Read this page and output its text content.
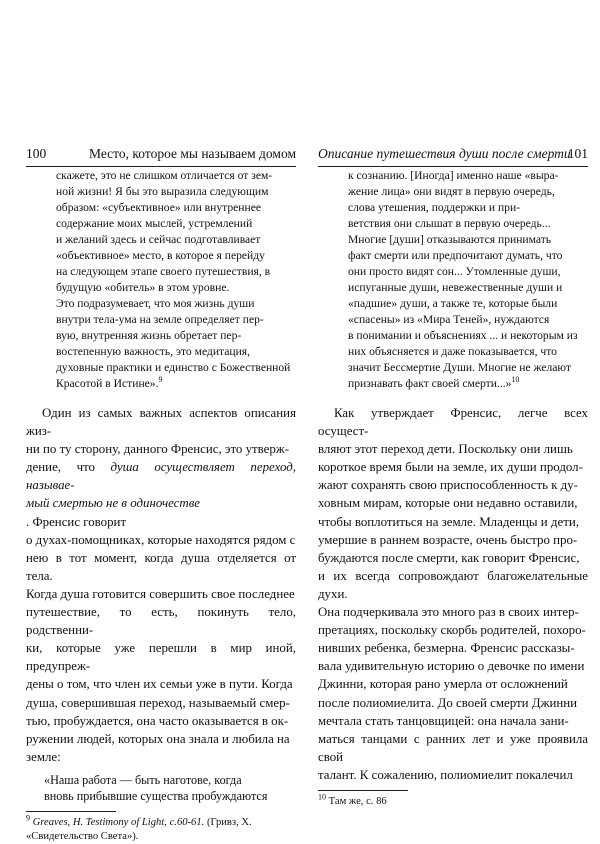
100	Место, которое мы называем домом
скажете, это не слишком отличается от зем-
ной жизни! Я бы это выразила следующим
образом: «субъективное» или внутреннее
содержание моих мыслей, устремлений
и желаний здесь и сейчас подготавливает
«объективное» место, в которое я перейду
на следующем этапе своего путешествия, в
будущую «обитель» в этом уровне.
Это подразумевает, что моя жизнь души
внутри тела-ума на земле определяет пер-
вую, внутренняя жизнь обретает пер-
востепенную важность, это медитация,
духовные практики и единство с Божественной
Красотой в Истине».$^9$
Один из самых важных аспектов описания жиз-
ни по ту сторону, данного Френсис, это утверж-
дение, что душа осуществляет переход, называе-
мый смертью не в одиночестве
. Френсис говорит
о духах-помощниках, которые находятся рядом с
нею в тот момент, когда душа отделяется от тела.
Когда душа готовится совершить свое последнее
путешествие, то есть, покинуть тело, родственни-
ки, которые уже перешли в мир иной, предупреж-
дены о том, что член их семьи уже в пути. Когда
душа, совершившая переход, называемый смер-
тью, пробуждается, она часто оказывается в ок-
ружении людей, которых она знала и любила на
земле:
«Наша работа — быть наготове, когда
вновь прибывшие существа пробуждаются
$^9$ Greaves, H. Testimony of Light, c.60-61. (Гривз, Х.
«Свидетельство Света»).
Описание путешествия души после смерти
101
к сознанию. [Иногда] именно наше «выра-
жение лица» они видят в первую очередь,
слова утешения, поддержки и при-
ветствия они слышат в первую очередь...
Многие [души] отказываются принимать
факт смерти или предпочитают думать, что
они просто видят сон... Утомленные души,
испуганные души, невежественные души и
«падшие» души, а также те, которые были
«спасены» из «Мира Теней», нуждаются
в понимании и объяснениях ... и некоторым из
них объясняется и даже показывается, что
значит Бессмертие Души. Многие не желают
признавать факт своей смерти...»$^{10}$
Как утверждает Френсис, легче всех осущест-
вляют этот переход дети. Поскольку они лишь
короткое время были на земле, их души продол-
жают сохранять свою приспособленность к ду-
ховным мирам, которые они недавно оставили,
чтобы воплотиться на земле. Младенцы и дети,
умершие в раннем возрасте, очень быстро про-
буждаются после смерти, как говорит Френсис,
и их всегда сопровождают благожелательные духи.
Она подчеркивала это много раз в своих интер-
претациях, поскольку скорбь родителей, похоро-
нивших ребенка, безмерна. Френсис рассказы-
вала удивительную историю о девочке по имени
Джинни, которая рано умерла от осложнений
после полиомиелита. До своей смерти Джинни
мечтала стать танцовщицей: она начала зани-
маться танцами с ранних лет и уже проявила свой
талант. К сожалению, полиомиелит покалечил
$^{10}$ Там же, с. 86
